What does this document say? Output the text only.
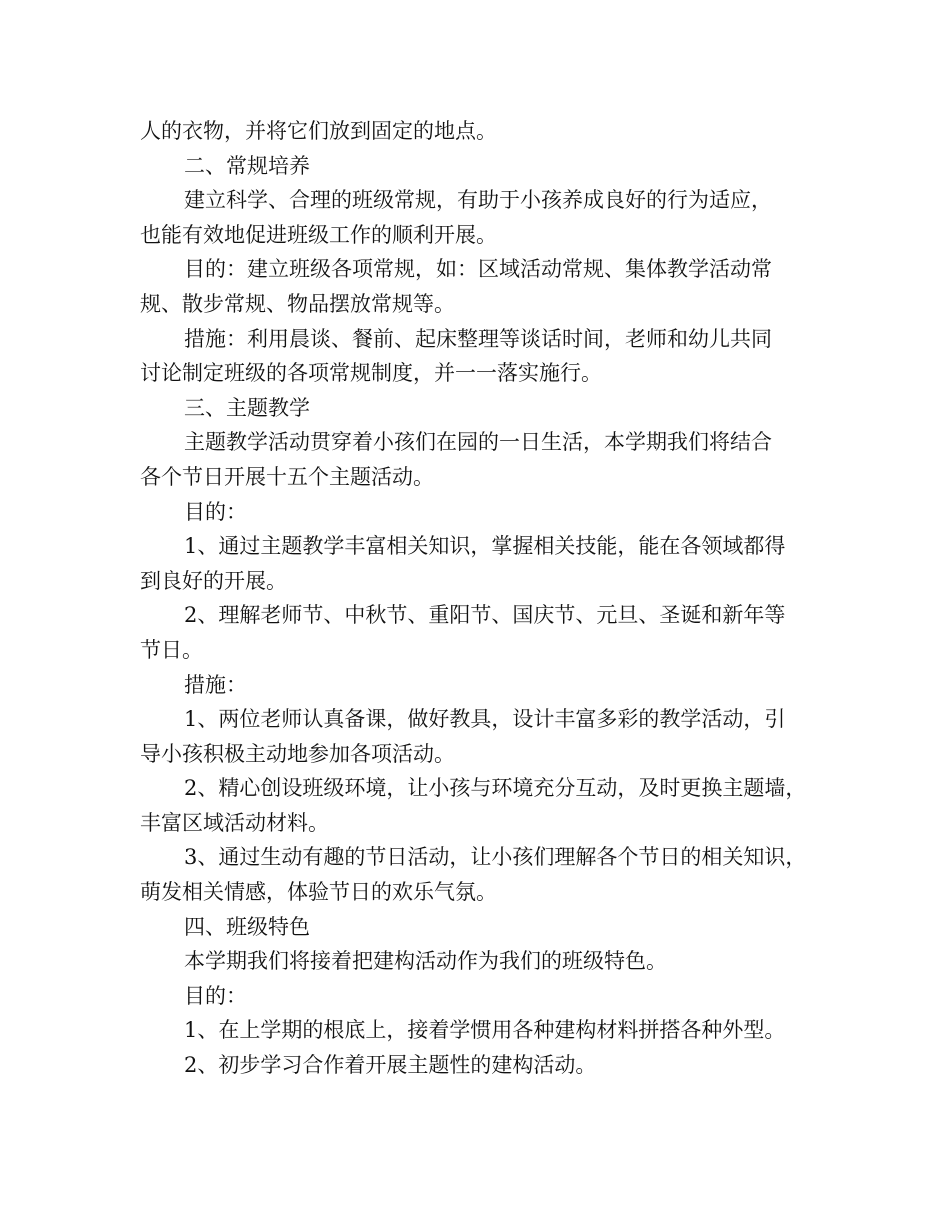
人的衣物，并将它们放到固定的地点。
二、常规培养
建立科学、合理的班级常规，有助于小孩养成良好的行为适应，
也能有效地促进班级工作的顺利开展。
目的：建立班级各项常规，如：区域活动常规、集体教学活动常
规、散步常规、物品摆放常规等。
措施：利用晨谈、餐前、起床整理等谈话时间，老师和幼儿共同
讨论制定班级的各项常规制度，并一一落实施行。
三、主题教学
主题教学活动贯穿着小孩们在园的一日生活，本学期我们将结合
各个节日开展十五个主题活动。
目的：
1、通过主题教学丰富相关知识，掌握相关技能，能在各领域都得
到良好的开展。
2、理解老师节、中秋节、重阳节、国庆节、元旦、圣诞和新年等
节日。
措施：
1、两位老师认真备课，做好教具，设计丰富多彩的教学活动，引
导小孩积极主动地参加各项活动。
2、精心创设班级环境，让小孩与环境充分互动，及时更换主题墙，
丰富区域活动材料。
3、通过生动有趣的节日活动，让小孩们理解各个节日的相关知识，
萌发相关情感，体验节日的欢乐气氛。
四、班级特色
本学期我们将接着把建构活动作为我们的班级特色。
目的：
1、在上学期的根底上，接着学惯用各种建构材料拼搭各种外型。
2、初步学习合作着开展主题性的建构活动。
